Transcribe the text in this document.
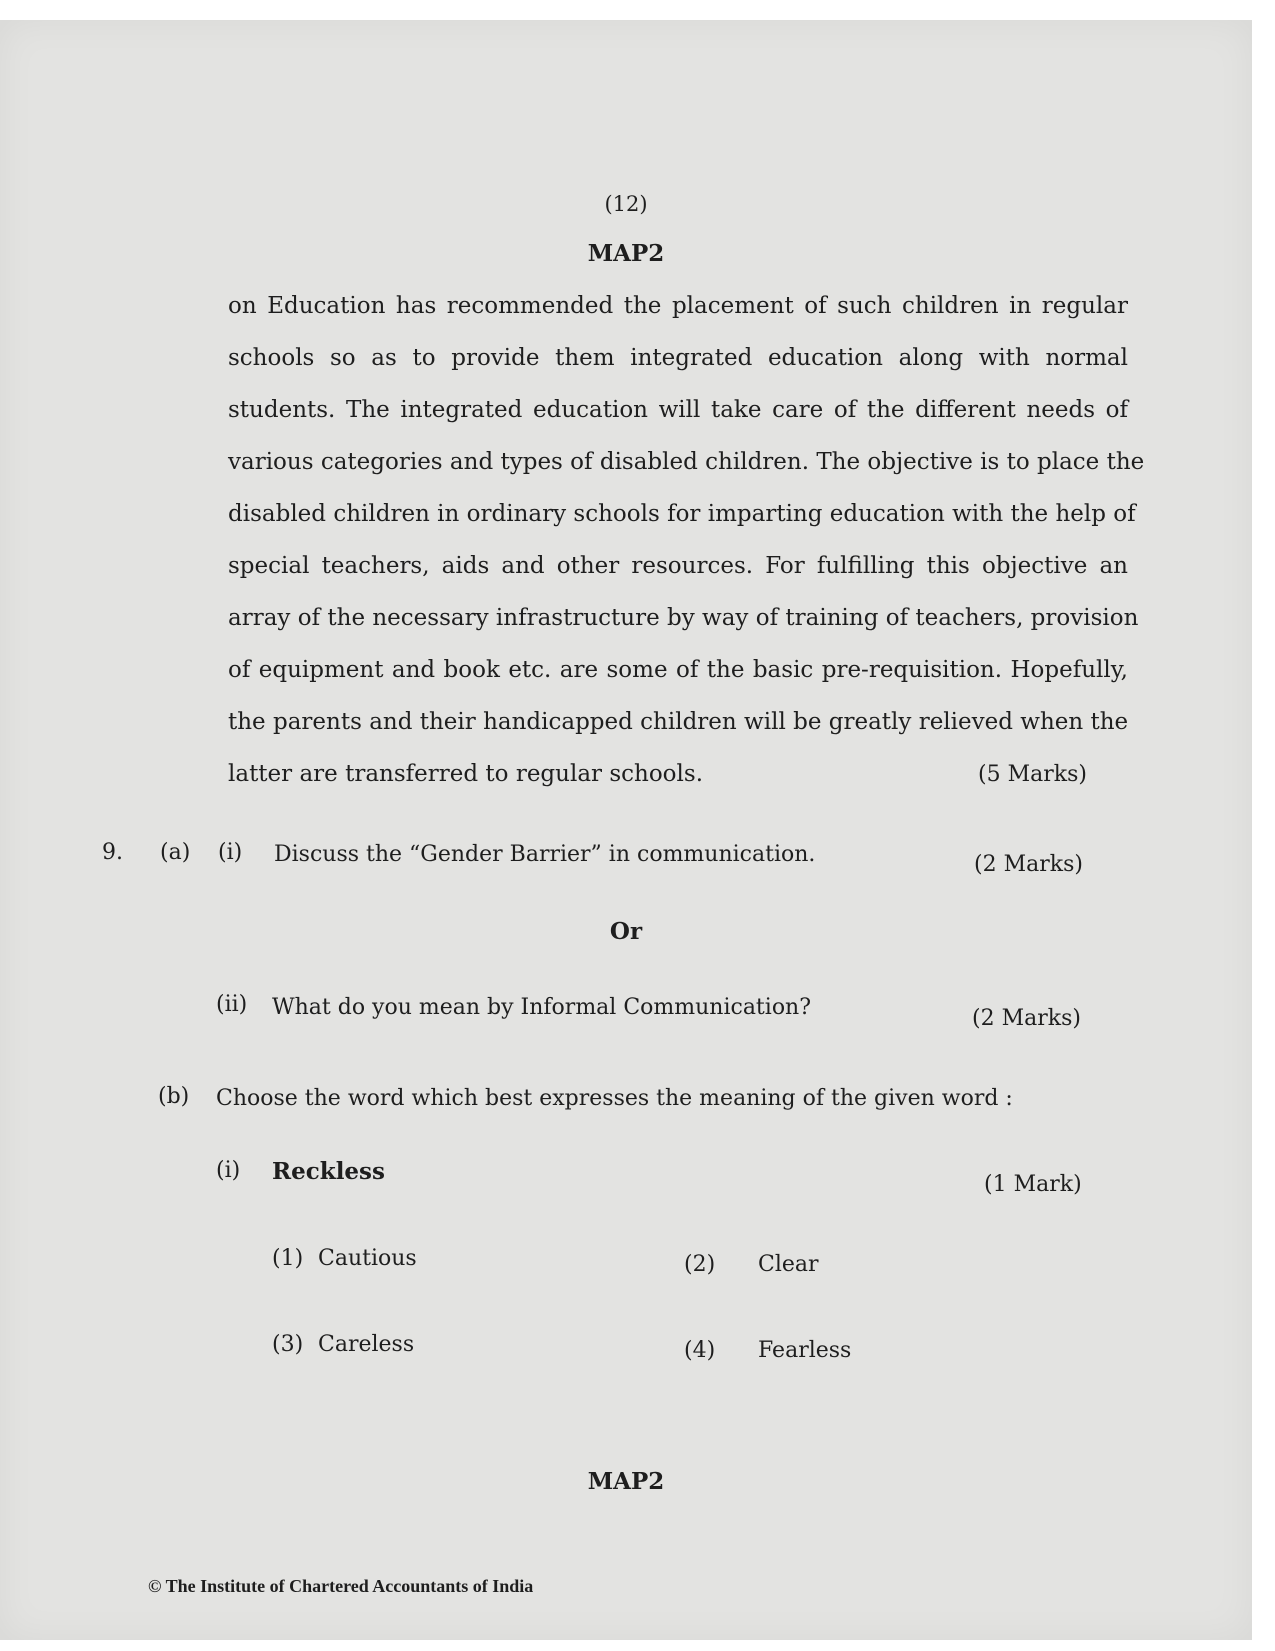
(12)
MAP2
on Education has recommended the placement of such children in regular
schools so as to provide them integrated education along with normal
students. The integrated education will take care of the different needs of
various categories and types of disabled children. The objective is to place the
disabled children in ordinary schools for imparting education with the help of
special teachers, aids and other resources. For fulfilling this objective an
array of the necessary infrastructure by way of training of teachers, provision
of equipment and book etc. are some of the basic pre-requisition. Hopefully,
the parents and their handicapped children will be greatly relieved when the
latter are transferred to regular schools.	(5 Marks)
9. (a) (i) Discuss the “Gender Barrier” in communication.	(2 Marks)
Or
(ii) What do you mean by Informal Communication?	(2 Marks)
(b) Choose the word which best expresses the meaning of the given word :
(i) Reckless	(1 Mark)
(1) Cautious	(2) Clear
(3) Careless	(4) Fearless
MAP2
© The Institute of Chartered Accountants of India
